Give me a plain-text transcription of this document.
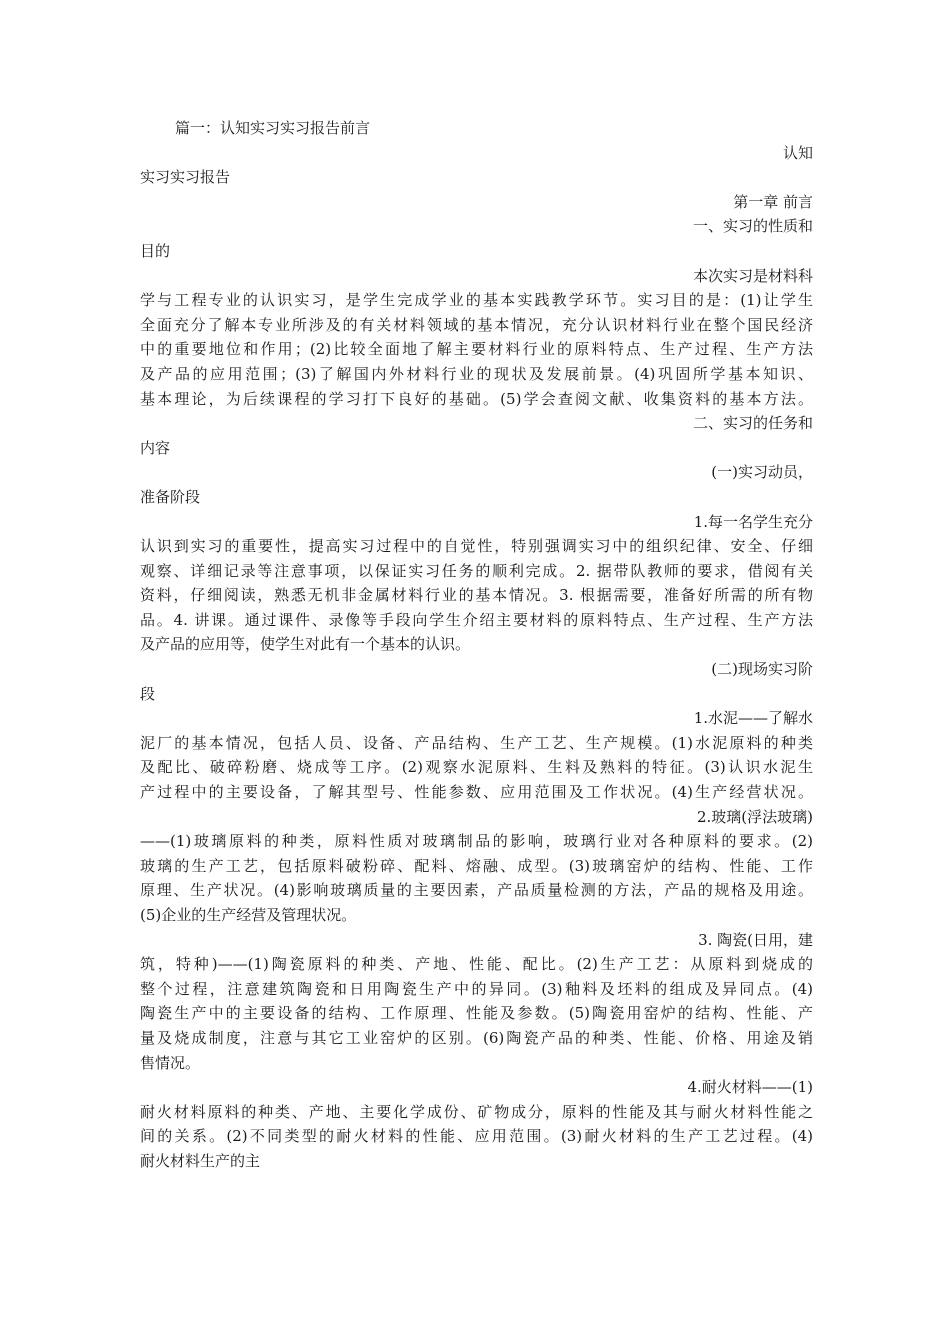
篇一：认知实习实习报告前言
认知
实习实习报告
第一章 前言
一、实习的性质和
目的
本次实习是材料科
学与工程专业的认识实习，是学生完成学业的基本实践教学环节。实习目的是：(1)让学生
全面充分了解本专业所涉及的有关材料领域的基本情况，充分认识材料行业在整个国民经济
中的重要地位和作用；(2)比较全面地了解主要材料行业的原料特点、生产过程、生产方法
及产品的应用范围；(3)了解国内外材料行业的现状及发展前景。(4)巩固所学基本知识、
基本理论，为后续课程的学习打下良好的基础。(5)学会查阅文献、收集资料的基本方法。
二、实习的任务和
内容
(一)实习动员，
准备阶段
1.每一名学生充分
认识到实习的重要性，提高实习过程中的自觉性，特别强调实习中的组织纪律、安全、仔细
观察、详细记录等注意事项，以保证实习任务的顺利完成。2. 据带队教师的要求，借阅有关
资料，仔细阅读，熟悉无机非金属材料行业的基本情况。3. 根据需要，准备好所需的所有物
品。4. 讲课。通过课件、录像等手段向学生介绍主要材料的原料特点、生产过程、生产方法
及产品的应用等，使学生对此有一个基本的认识。
(二)现场实习阶
段
1.水泥——了解水
泥厂的基本情况，包括人员、设备、产品结构、生产工艺、生产规模。(1)水泥原料的种类
及配比、破碎粉磨、烧成等工序。(2)观察水泥原料、生料及熟料的特征。(3)认识水泥生
产过程中的主要设备，了解其型号、性能参数、应用范围及工作状况。(4)生产经营状况。
2.玻璃(浮法玻璃)
——(1)玻璃原料的种类，原料性质对玻璃制品的影响，玻璃行业对各种原料的要求。(2)
玻璃的生产工艺，包括原料破粉碎、配料、熔融、成型。(3)玻璃窑炉的结构、性能、工作
原理、生产状况。(4)影响玻璃质量的主要因素，产品质量检测的方法，产品的规格及用途。
(5)企业的生产经营及管理状况。
3. 陶瓷(日用，建
筑，特种)——(1)陶瓷原料的种类、产地、性能、配比。(2)生产工艺：从原料到烧成的
整个过程，注意建筑陶瓷和日用陶瓷生产中的异同。(3)釉料及坯料的组成及异同点。(4)
陶瓷生产中的主要设备的结构、工作原理、性能及参数。(5)陶瓷用窑炉的结构、性能、产
量及烧成制度，注意与其它工业窑炉的区别。(6)陶瓷产品的种类、性能、价格、用途及销
售情况。
4.耐火材料——(1)
耐火材料原料的种类、产地、主要化学成份、矿物成分，原料的性能及其与耐火材料性能之
间的关系。(2)不同类型的耐火材料的性能、应用范围。(3)耐火材料的生产工艺过程。(4)
耐火材料生产的主
